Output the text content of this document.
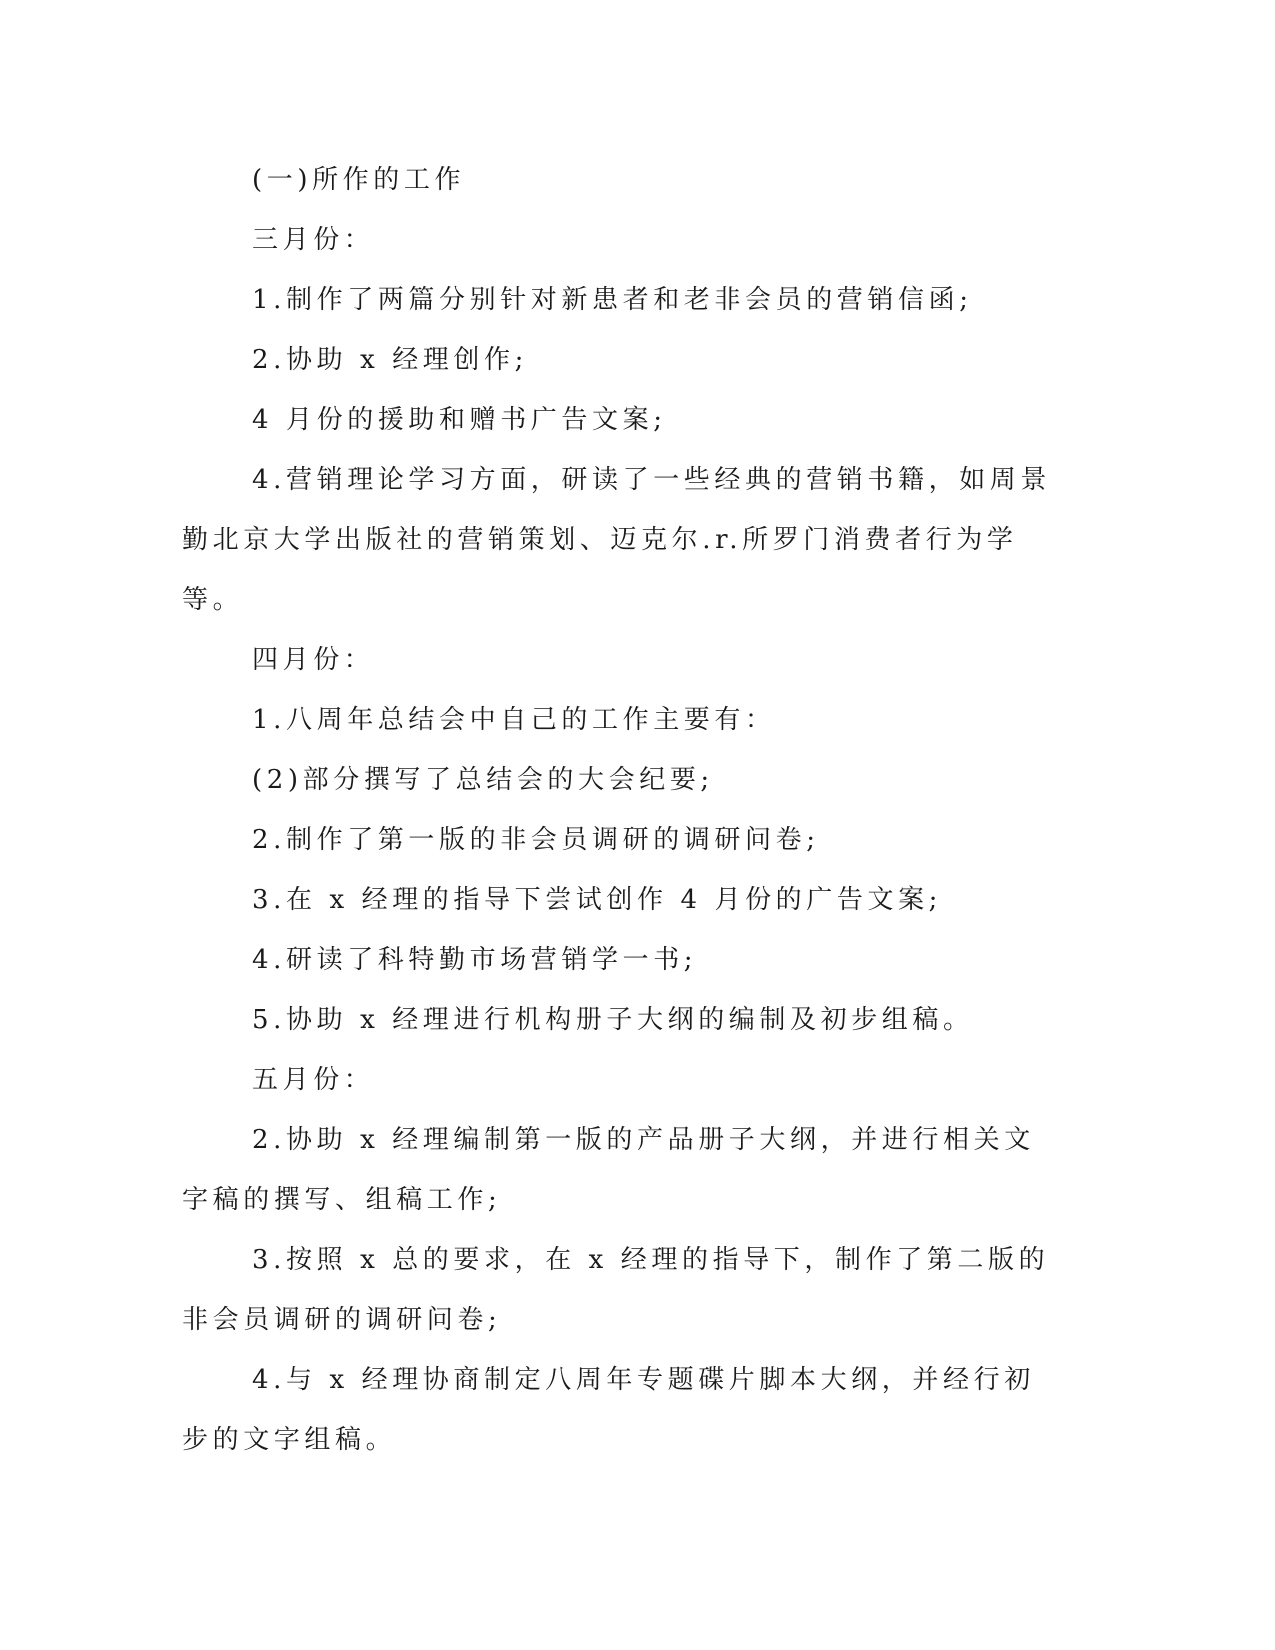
(一)所作的工作

三月份：

1.制作了两篇分别针对新患者和老非会员的营销信函;

2.协助 x 经理创作;

4 月份的援助和赠书广告文案;

4.营销理论学习方面，研读了一些经典的营销书籍，如周景勤北京大学出版社的营销策划、迈克尔.r.所罗门消费者行为学等。

四月份：

1.八周年总结会中自己的工作主要有：

(2)部分撰写了总结会的大会纪要;

2.制作了第一版的非会员调研的调研问卷;

3.在 x 经理的指导下尝试创作 4 月份的广告文案;

4.研读了科特勤市场营销学一书;

5.协助 x 经理进行机构册子大纲的编制及初步组稿。

五月份：

2.协助 x 经理编制第一版的产品册子大纲，并进行相关文字稿的撰写、组稿工作;

3.按照 x 总的要求，在 x 经理的指导下，制作了第二版的非会员调研的调研问卷;

4.与 x 经理协商制定八周年专题碟片脚本大纲，并经行初步的文字组稿。
